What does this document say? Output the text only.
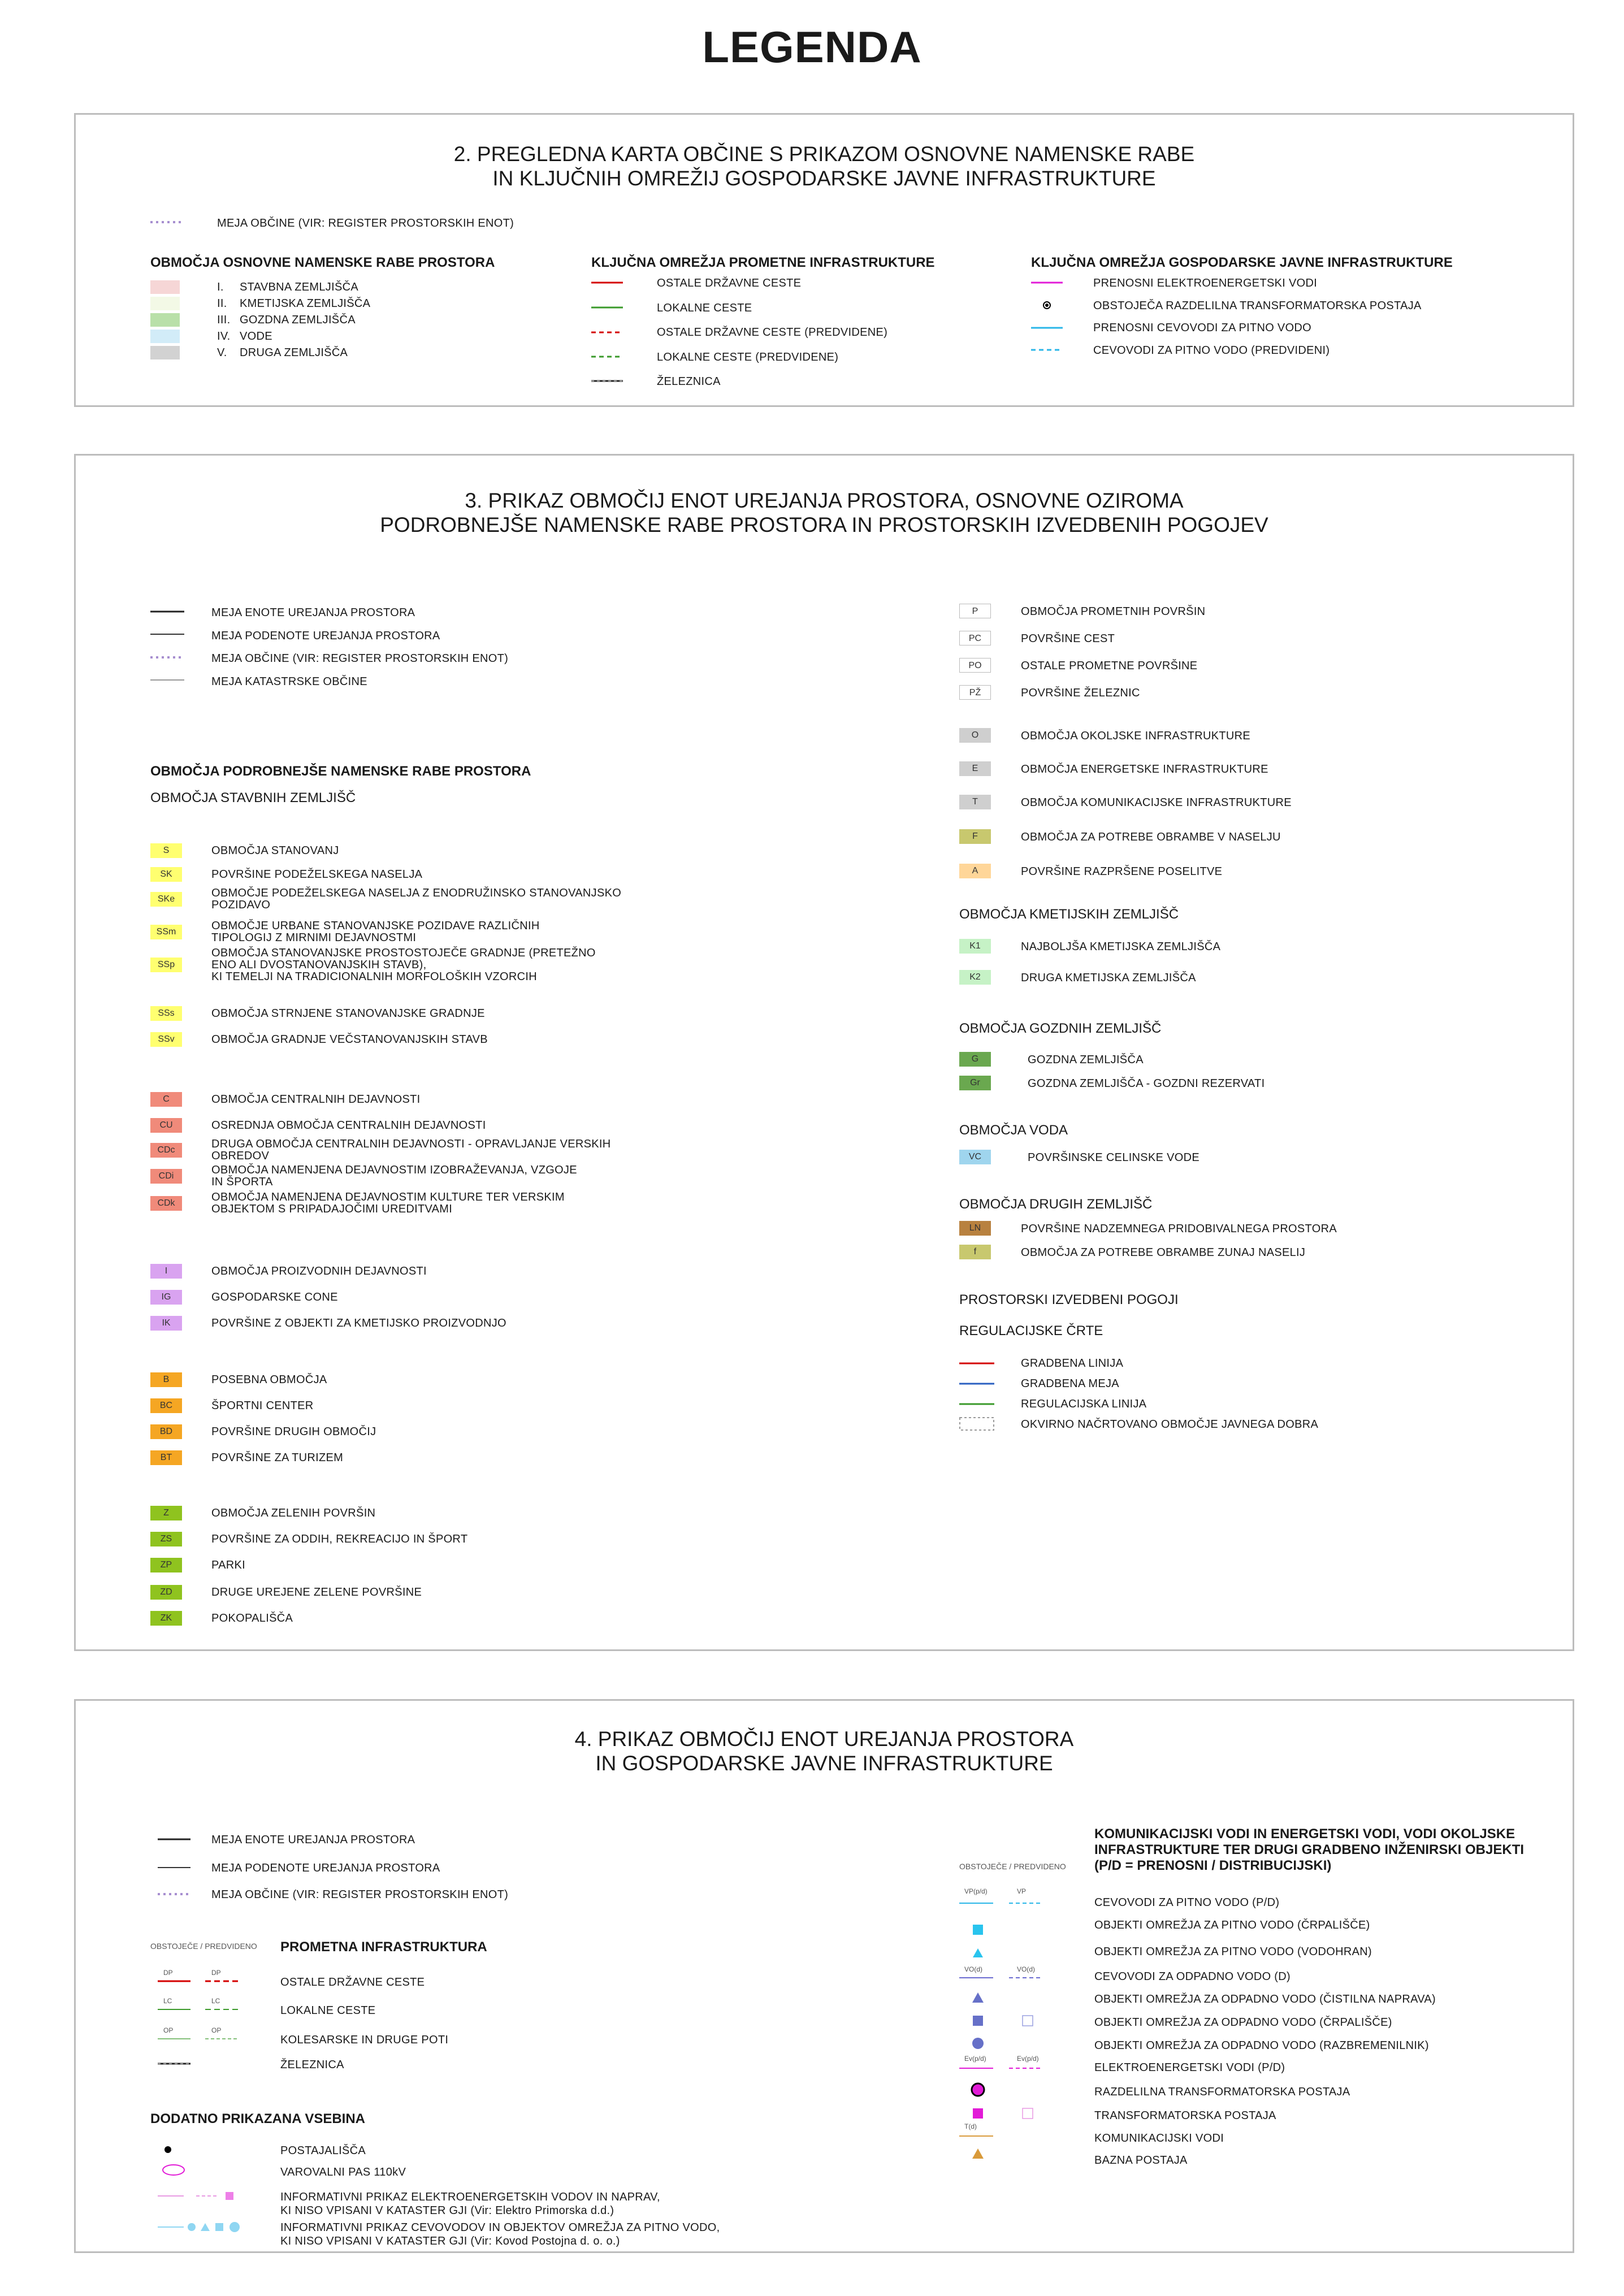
LEGENDA
2. PREGLEDNA KARTA OBČINE S PRIKAZOM OSNOVNE NAMENSKE RABE
IN KLJUČNIH OMREŽIJ GOSPODARSKE JAVNE INFRASTRUKTURE
MEJA OBČINE (VIR: REGISTER PROSTORSKIH ENOT)
OBMOČJA OSNOVNE NAMENSKE RABE PROSTORA
I. STAVBNA ZEMLJIŠČA
II. KMETIJSKA ZEMLJIŠČA
III. GOZDNA ZEMLJIŠČA
IV. VODE
V. DRUGA ZEMLJIŠČA
KLJUČNA OMREŽJA PROMETNE INFRASTRUKTURE
OSTALE DRŽAVNE CESTE
LOKALNE CESTE
OSTALE DRŽAVNE CESTE (PREDVIDENE)
LOKALNE CESTE (PREDVIDENE)
ŽELEZNICA
KLJUČNA OMREŽJA GOSPODARSKE JAVNE INFRASTRUKTURE
PRENOSNI ELEKTROENERGETSKI VODI
OBSTOJEČA RAZDELILNA TRANSFORMATORSKA POSTAJA
PRENOSNI CEVOVODI ZA PITNO VODO
CEVOVODI ZA PITNO VODO (PREDVIDENI)
3. PRIKAZ OBMOČIJ ENOT UREJANJA PROSTORA, OSNOVNE OZIROMA
PODROBNEJŠE NAMENSKE RABE PROSTORA IN PROSTORSKIH IZVEDBENIH POGOJEV
MEJA ENOTE UREJANJA PROSTORA
MEJA PODENOTE UREJANJA PROSTORA
MEJA OBČINE (VIR: REGISTER PROSTORSKIH ENOT)
MEJA KATASTRSKE OBČINE
OBMOČJA PODROBNEJŠE NAMENSKE RABE PROSTORA
OBMOČJA STAVBNIH ZEMLJIŠČ
S	OBMOČJA STANOVANJ
SK	POVRŠINE PODEŽELSKEGA NASELJA
SKe	OBMOČJE PODEŽELSKEGA NASELJA Z ENODRUŽINSKO STANOVANJSKO
POZIDAVO
SSm	OBMOČJE URBANE STANOVANJSKE POZIDAVE RAZLIČNIH
TIPOLOGIJ Z MIRNIMI DEJAVNOSTMI
SSp
OBMOČJA STANOVANJSKE PROSTOSTOJEČE GRADNJE (PRETEŽNO
ENO ALI DVOSTANOVANJSKIH STAVB),
KI TEMELJI NA TRADICIONALNIH MORFOLOŠKIH VZORCIH
SSs	OBMOČJA STRNJENE STANOVANJSKE GRADNJE
SSv	OBMOČJA GRADNJE VEČSTANOVANJSKIH STAVB
C	OBMOČJA CENTRALNIH DEJAVNOSTI
CU	OSREDNJA OBMOČJA CENTRALNIH DEJAVNOSTI
CDc	DRUGA OBMOČJA CENTRALNIH DEJAVNOSTI - OPRAVLJANJE VERSKIH
OBREDOV
CDi	OBMOČJA NAMENJENA DEJAVNOSTIM IZOBRAŽEVANJA, VZGOJE
IN ŠPORTA
CDk	OBMOČJA NAMENJENA DEJAVNOSTIM KULTURE TER VERSKIM
OBJEKTOM S PRIPADAJOČIMI UREDITVAMI
I	OBMOČJA PROIZVODNIH DEJAVNOSTI
IG	GOSPODARSKE CONE
IK	POVRŠINE Z OBJEKTI ZA KMETIJSKO PROIZVODNJO
B	POSEBNA OBMOČJA
BC	ŠPORTNI CENTER
BD	POVRŠINE DRUGIH OBMOČIJ
BT	POVRŠINE ZA TURIZEM
Z	OBMOČJA ZELENIH POVRŠIN
ZS	POVRŠINE ZA ODDIH, REKREACIJO IN ŠPORT
ZP	PARKI
ZD	DRUGE UREJENE ZELENE POVRŠINE
ZK	POKOPALIŠČA
P	OBMOČJA PROMETNIH POVRŠIN
PC	POVRŠINE CEST
PO	OSTALE PROMETNE POVRŠINE
PŽ	POVRŠINE ŽELEZNIC
O	OBMOČJA OKOLJSKE INFRASTRUKTURE
E	OBMOČJA ENERGETSKE INFRASTRUKTURE
T	OBMOČJA KOMUNIKACIJSKE INFRASTRUKTURE
F	OBMOČJA ZA POTREBE OBRAMBE V NASELJU
A	POVRŠINE RAZPRŠENE POSELITVE
OBMOČJA KMETIJSKIH ZEMLJIŠČ
K1	NAJBOLJŠA KMETIJSKA ZEMLJIŠČA
K2	DRUGA KMETIJSKA ZEMLJIŠČA
OBMOČJA GOZDNIH ZEMLJIŠČ
G	GOZDNA ZEMLJIŠČA
Gr	GOZDNA ZEMLJIŠČA - GOZDNI REZERVATI
OBMOČJA VODA
VC	POVRŠINSKE CELINSKE VODE
OBMOČJA DRUGIH ZEMLJIŠČ
LN	POVRŠINE NADZEMNEGA PRIDOBIVALNEGA PROSTORA
f	OBMOČJA ZA POTREBE OBRAMBE ZUNAJ NASELIJ
PROSTORSKI IZVEDBENI POGOJI
REGULACIJSKE ČRTE
GRADBENA LINIJA
GRADBENA MEJA
REGULACIJSKA LINIJA
OKVIRNO NAČRTOVANO OBMOČJE JAVNEGA DOBRA
4. PRIKAZ OBMOČIJ ENOT UREJANJA PROSTORA
IN GOSPODARSKE JAVNE INFRASTRUKTURE
MEJA ENOTE UREJANJA PROSTORA
MEJA PODENOTE UREJANJA PROSTORA
MEJA OBČINE (VIR: REGISTER PROSTORSKIH ENOT)
OBSTOJEČE / PREDVIDENO PROMETNA INFRASTRUKTURA
DP	DP
OSTALE DRŽAVNE CESTE
LC	LC
LOKALNE CESTE
OP	OP
KOLESARSKE IN DRUGE POTI
ŽELEZNICA
DODATNO PRIKAZANA VSEBINA
POSTAJALIŠČA
VAROVALNI PAS 110kV
INFORMATIVNI PRIKAZ ELEKTROENERGETSKIH VODOV IN NAPRAV,
KI NISO VPISANI V KATASTER GJI (Vir: Elektro Primorska d.d.)
INFORMATIVNI PRIKAZ CEVOVODOV IN OBJEKTOV OMREŽJA ZA PITNO VODO,
KI NISO VPISANI V KATASTER GJI (Vir: Kovod Postojna d. o. o.)
KOMUNIKACIJSKI VODI IN ENERGETSKI VODI, VODI OKOLJSKE
INFRASTRUKTURE TER DRUGI GRADBENO INŽENIRSKI OBJEKTI
(P/D = PRENOSNI / DISTRIBUCIJSKI)
OBSTOJEČE / PREDVIDENO
VP(p/d)	VP
CEVOVODI ZA PITNO VODO (P/D)
OBJEKTI OMREŽJA ZA PITNO VODO (ČRPALIŠČE)
OBJEKTI OMREŽJA ZA PITNO VODO (VODOHRAN)
VO(d)	VO(d)
CEVOVODI ZA ODPADNO VODO (D)
OBJEKTI OMREŽJA ZA ODPADNO VODO (ČISTILNA NAPRAVA)
OBJEKTI OMREŽJA ZA ODPADNO VODO (ČRPALIŠČE)
OBJEKTI OMREŽJA ZA ODPADNO VODO (RAZBREMENILNIK)
Ev(p/d)	Ev(p/d)
ELEKTROENERGETSKI VODI (P/D)
RAZDELILNA TRANSFORMATORSKA POSTAJA
TRANSFORMATORSKA POSTAJA
T(d)
KOMUNIKACIJSKI VODI
BAZNA POSTAJA
